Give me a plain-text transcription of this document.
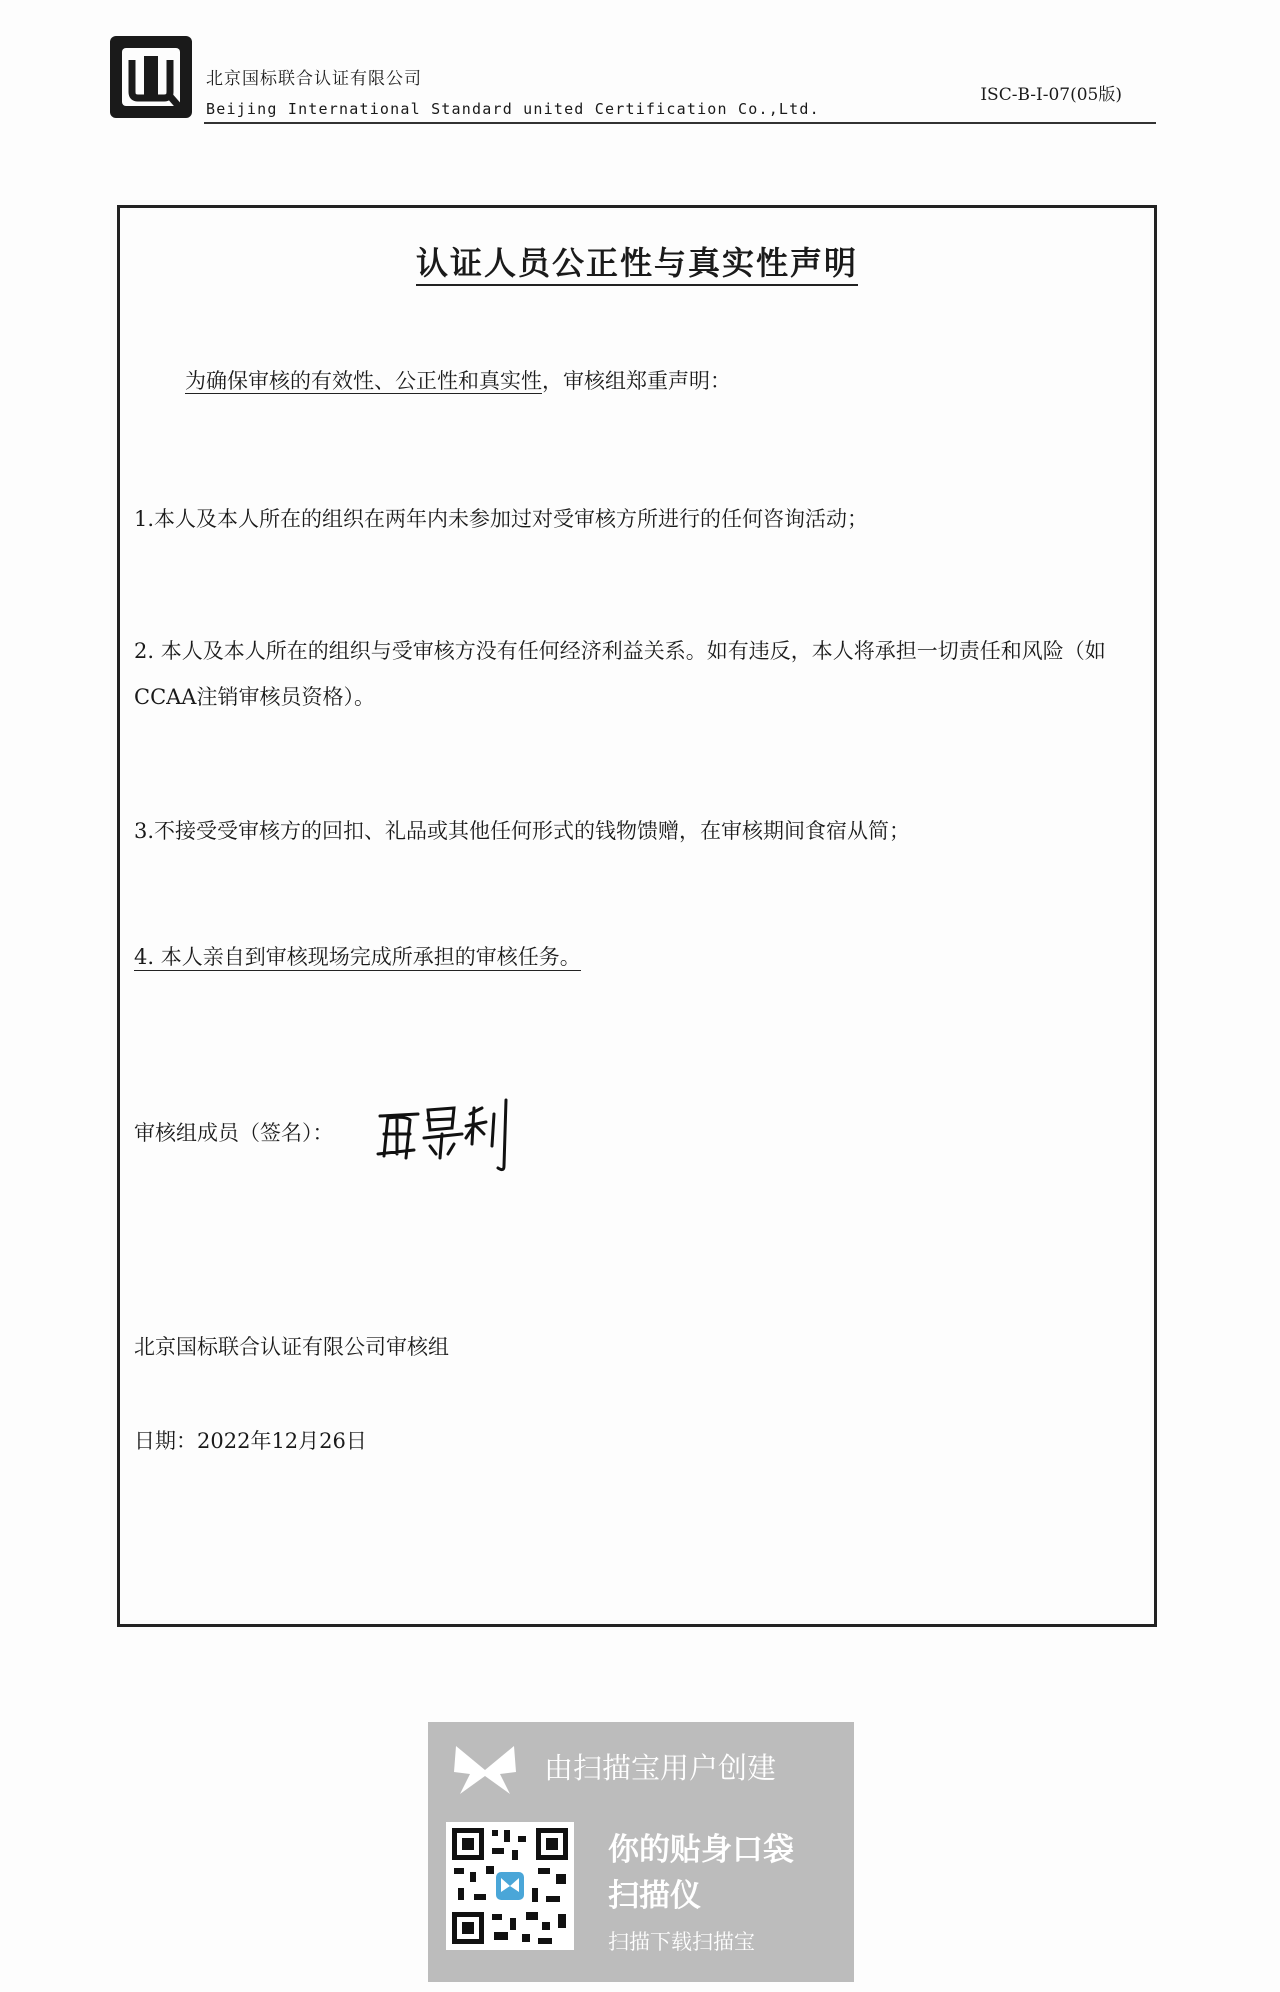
北京国标联合认证有限公司
Beijing International Standard united Certification Co.,Ltd.
ISC-B-I-07(05版)
认证人员公正性与真实性声明
为确保审核的有效性、公正性和真实性，审核组郑重声明：
1.本人及本人所在的组织在两年内未参加过对受审核方所进行的任何咨询活动；
2. 本人及本人所在的组织与受审核方没有任何经济利益关系。如有违反，本人将承担一切责任和风险（如CCAA注销审核员资格）。
3.不接受受审核方的回扣、礼品或其他任何形式的钱物馈赠，在审核期间食宿从简；
4. 本人亲自到审核现场完成所承担的审核任务。
审核组成员（签名）：
北京国标联合认证有限公司审核组
日期：2022年12月26日
由扫描宝用户创建
你的贴身口袋
扫描仪
扫描下载扫描宝
